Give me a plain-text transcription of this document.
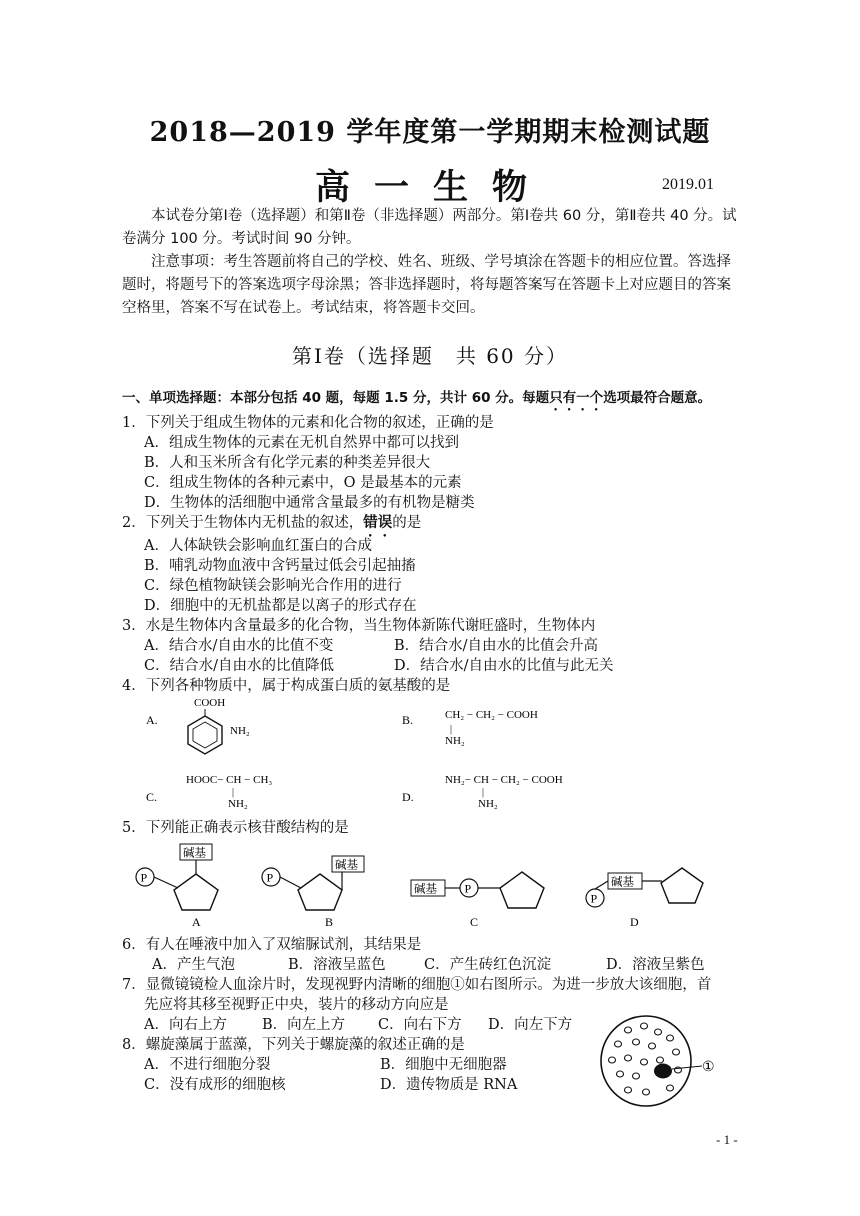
2018—2019 学年度第一学期期末检测试题
高一生物	2019.01

本试卷分第Ⅰ卷（选择题）和第Ⅱ卷（非选择题）两部分。第Ⅰ卷共 60 分，第Ⅱ卷共 40 分。试卷满分 100 分。考试时间 90 分钟。

注意事项：考生答题前将自己的学校、姓名、班级、学号填涂在答题卡的相应位置。答选择题时，将题号下的答案选项字母涂黑；答非选择题时，将每题答案写在答题卡上对应题目的答案空格里，答案不写在试卷上。考试结束，将答题卡交回。

第Ⅰ卷（选择题　共 60 分）
一、单项选择题：本部分包括 40 题，每题 1.5 分，共计 60 分。每题只有一个选项最符合题意。
1．下列关于组成生物体的元素和化合物的叙述，正确的是
A．组成生物体的元素在无机自然界中都可以找到
B．人和玉米所含有化学元素的种类差异很大
C．组成生物体的各种元素中，O 是最基本的元素
D．生物体的活细胞中通常含量最多的有机物是糖类
2．下列关于生物体内无机盐的叙述，错误的是
A．人体缺铁会影响血红蛋白的合成
B．哺乳动物血液中含钙量过低会引起抽搐
C．绿色植物缺镁会影响光合作用的进行
D．细胞中的无机盐都是以离子的形式存在
3．水是生物体内含量最多的化合物，当生物体新陈代谢旺盛时，生物体内
A．结合水/自由水的比值不变	B．结合水/自由水的比值会升高
C．结合水/自由水的比值降低	D．结合水/自由水的比值与此无关
4．下列各种物质中，属于构成蛋白质的氨基酸的是
A.
COOH
NH₂
B.	CH₂ − CH₂ − COOH
|
NH₂
C.
HOOC− CH − CH₃
|
NH₂	D.
NH₂− CH − CH₂ − COOH
|
NH₂
5．下列能正确表示核苷酸结构的是
P
碱基
A
P
碱基
B
碱基 P
C
P
碱基
D
6．有人在唾液中加入了双缩脲试剂，其结果是
A．产生气泡	B．溶液呈蓝色	C．产生砖红色沉淀	D．溶液呈紫色
7．显微镜镜检人血涂片时，发现视野内清晰的细胞①如右图所示。为进一步放大该细胞，首
先应将其移至视野正中央，装片的移动方向应是
A．向右上方 B．向左上方 C．向右下方 D．向左下方
①
8．螺旋藻属于蓝藻，下列关于螺旋藻的叙述正确的是
A．不进行细胞分裂	B．细胞中无细胞器
C．没有成形的细胞核	D．遗传物质是 RNA
- 1 -
